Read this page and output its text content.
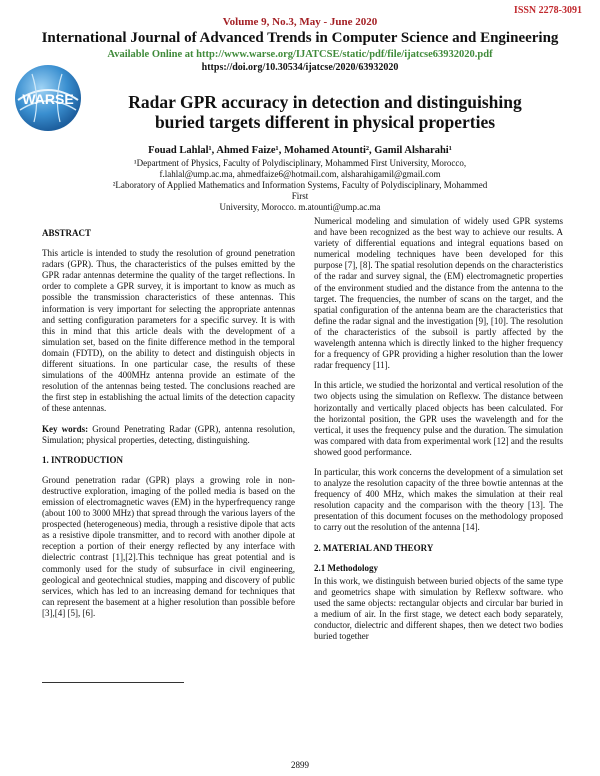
ISSN 2278-3091
Volume 9, No.3, May - June 2020
International Journal of Advanced Trends in Computer Science and Engineering
Available Online at http://www.warse.org/IJATCSE/static/pdf/file/ijatcse63932020.pdf
https://doi.org/10.30534/ijatcse/2020/63932020
WARSE	Radar GPR accuracy in detection and distinguishing
buried targets different in physical properties
Fouad Lahlal¹, Ahmed Faize¹, Mohamed Atounti², Gamil Alsharahi¹
¹Department of Physics, Faculty of Polydisciplinary, Mohammed First University, Morocco,
f.lahlal@ump.ac.ma, ahmedfaize6@hotmail.com, alsharahigamil@gmail.com
²Laboratory of Applied Mathematics and Information Systems, Faculty of Polydisciplinary, Mohammed First
University, Morocco. m.atounti@ump.ac.ma
ABSTRACT

This article is intended to study the resolution of ground penetration radars (GPR). Thus, the characteristics of the pulses emitted by the GPR radar antennas determine the quality of the target reflections. In order to complete a GPR survey, it is important to know as much as possible the transmission characteristics of these antennas. This information is very important for selecting the appropriate antennas and setting configuration parameters for a specific survey. It is with this in mind that this article deals with the development of a simulation set, based on the finite difference method in the temporal domain (FDTD), on the ability to detect and distinguish objects in different situations. In one particular case, the results of these simulations of the 400MHz antenna provide an estimate of the resolution of the antennas being tested. The conclusions reached are the first step in establishing the actual limits of the detection capacity of these antennas.

Key words: Ground Penetrating Radar (GPR), antenna resolution, Simulation; physical properties, detecting, distinguishing.

1. INTRODUCTION

Ground penetration radar (GPR) plays a growing role in non-destructive exploration, imaging of the polled media is based on the emission of electromagnetic waves (EM) in the hyperfrequency range (about 100 to 3000 MHz) that spread through the various layers of the prospected (heterogeneous) media, through a resistive dipole that acts as a resistive dipole transmitter, and to record with another dipole at reception a portion of their energy reflected by any interface with dielectric contrast [1],[2].This technique has great potential and is commonly used for the study of subsurface in civil engineering, geological and geotechnical studies, mapping and discovery of public services, which has led to an increasing demand for techniques that can represent the basement at a higher resolution than possible before [3],[4] [5], [6].

Numerical modeling and simulation of widely used GPR systems and have been recognized as the best way to achieve our results. A variety of differential equations and integral equations based on numerical modeling techniques have been developed for this purpose [7], [8]. The spatial resolution depends on the characteristics of the radar and survey signal, the (EM) electromagnetic properties of the environment studied and the distance from the antenna to the target. The frequencies, the number of scans on the target, and the spatial configuration of the antenna beam are the characteristics that define the radar signal and the investigation [9], [10]. The resolution of the characteristics of the subsoil is partly affected by the wavelength antenna which is directly linked to the higher frequency for a frequency of GPR providing a higher resolution than the lower radar frequency [11].

In this article, we studied the horizontal and vertical resolution of the two objects using the simulation on Reflexw. The distance between horizontally and vertically placed objects has been calculated. For the horizontal position, the GPR uses the wavelength and for the vertical, it uses the frequency pulse and the duration. The simulation was compared with data from experimental work [12] and the results showed good performance.

In particular, this work concerns the development of a simulation set to analyze the resolution capacity of the three bowtie antennas at the frequency of 400 MHz, which makes the simulation at their real resolution capacity and the comparison with the theory [13]. The presentation of this document focuses on the methodology proposed to carry out the resolution of the antenna [14].

2. MATERIAL AND THEORY
2.1 Methodology

In this work, we distinguish between buried objects of the same type and geometrics shape with simulation by Reflexw software. who used the same objects: rectangular objects and circular bar buried in a medium of air. In the first stage, we detect each body separately, conductor, dielectric and different shapes, then we detect two bodies buried together

2899
